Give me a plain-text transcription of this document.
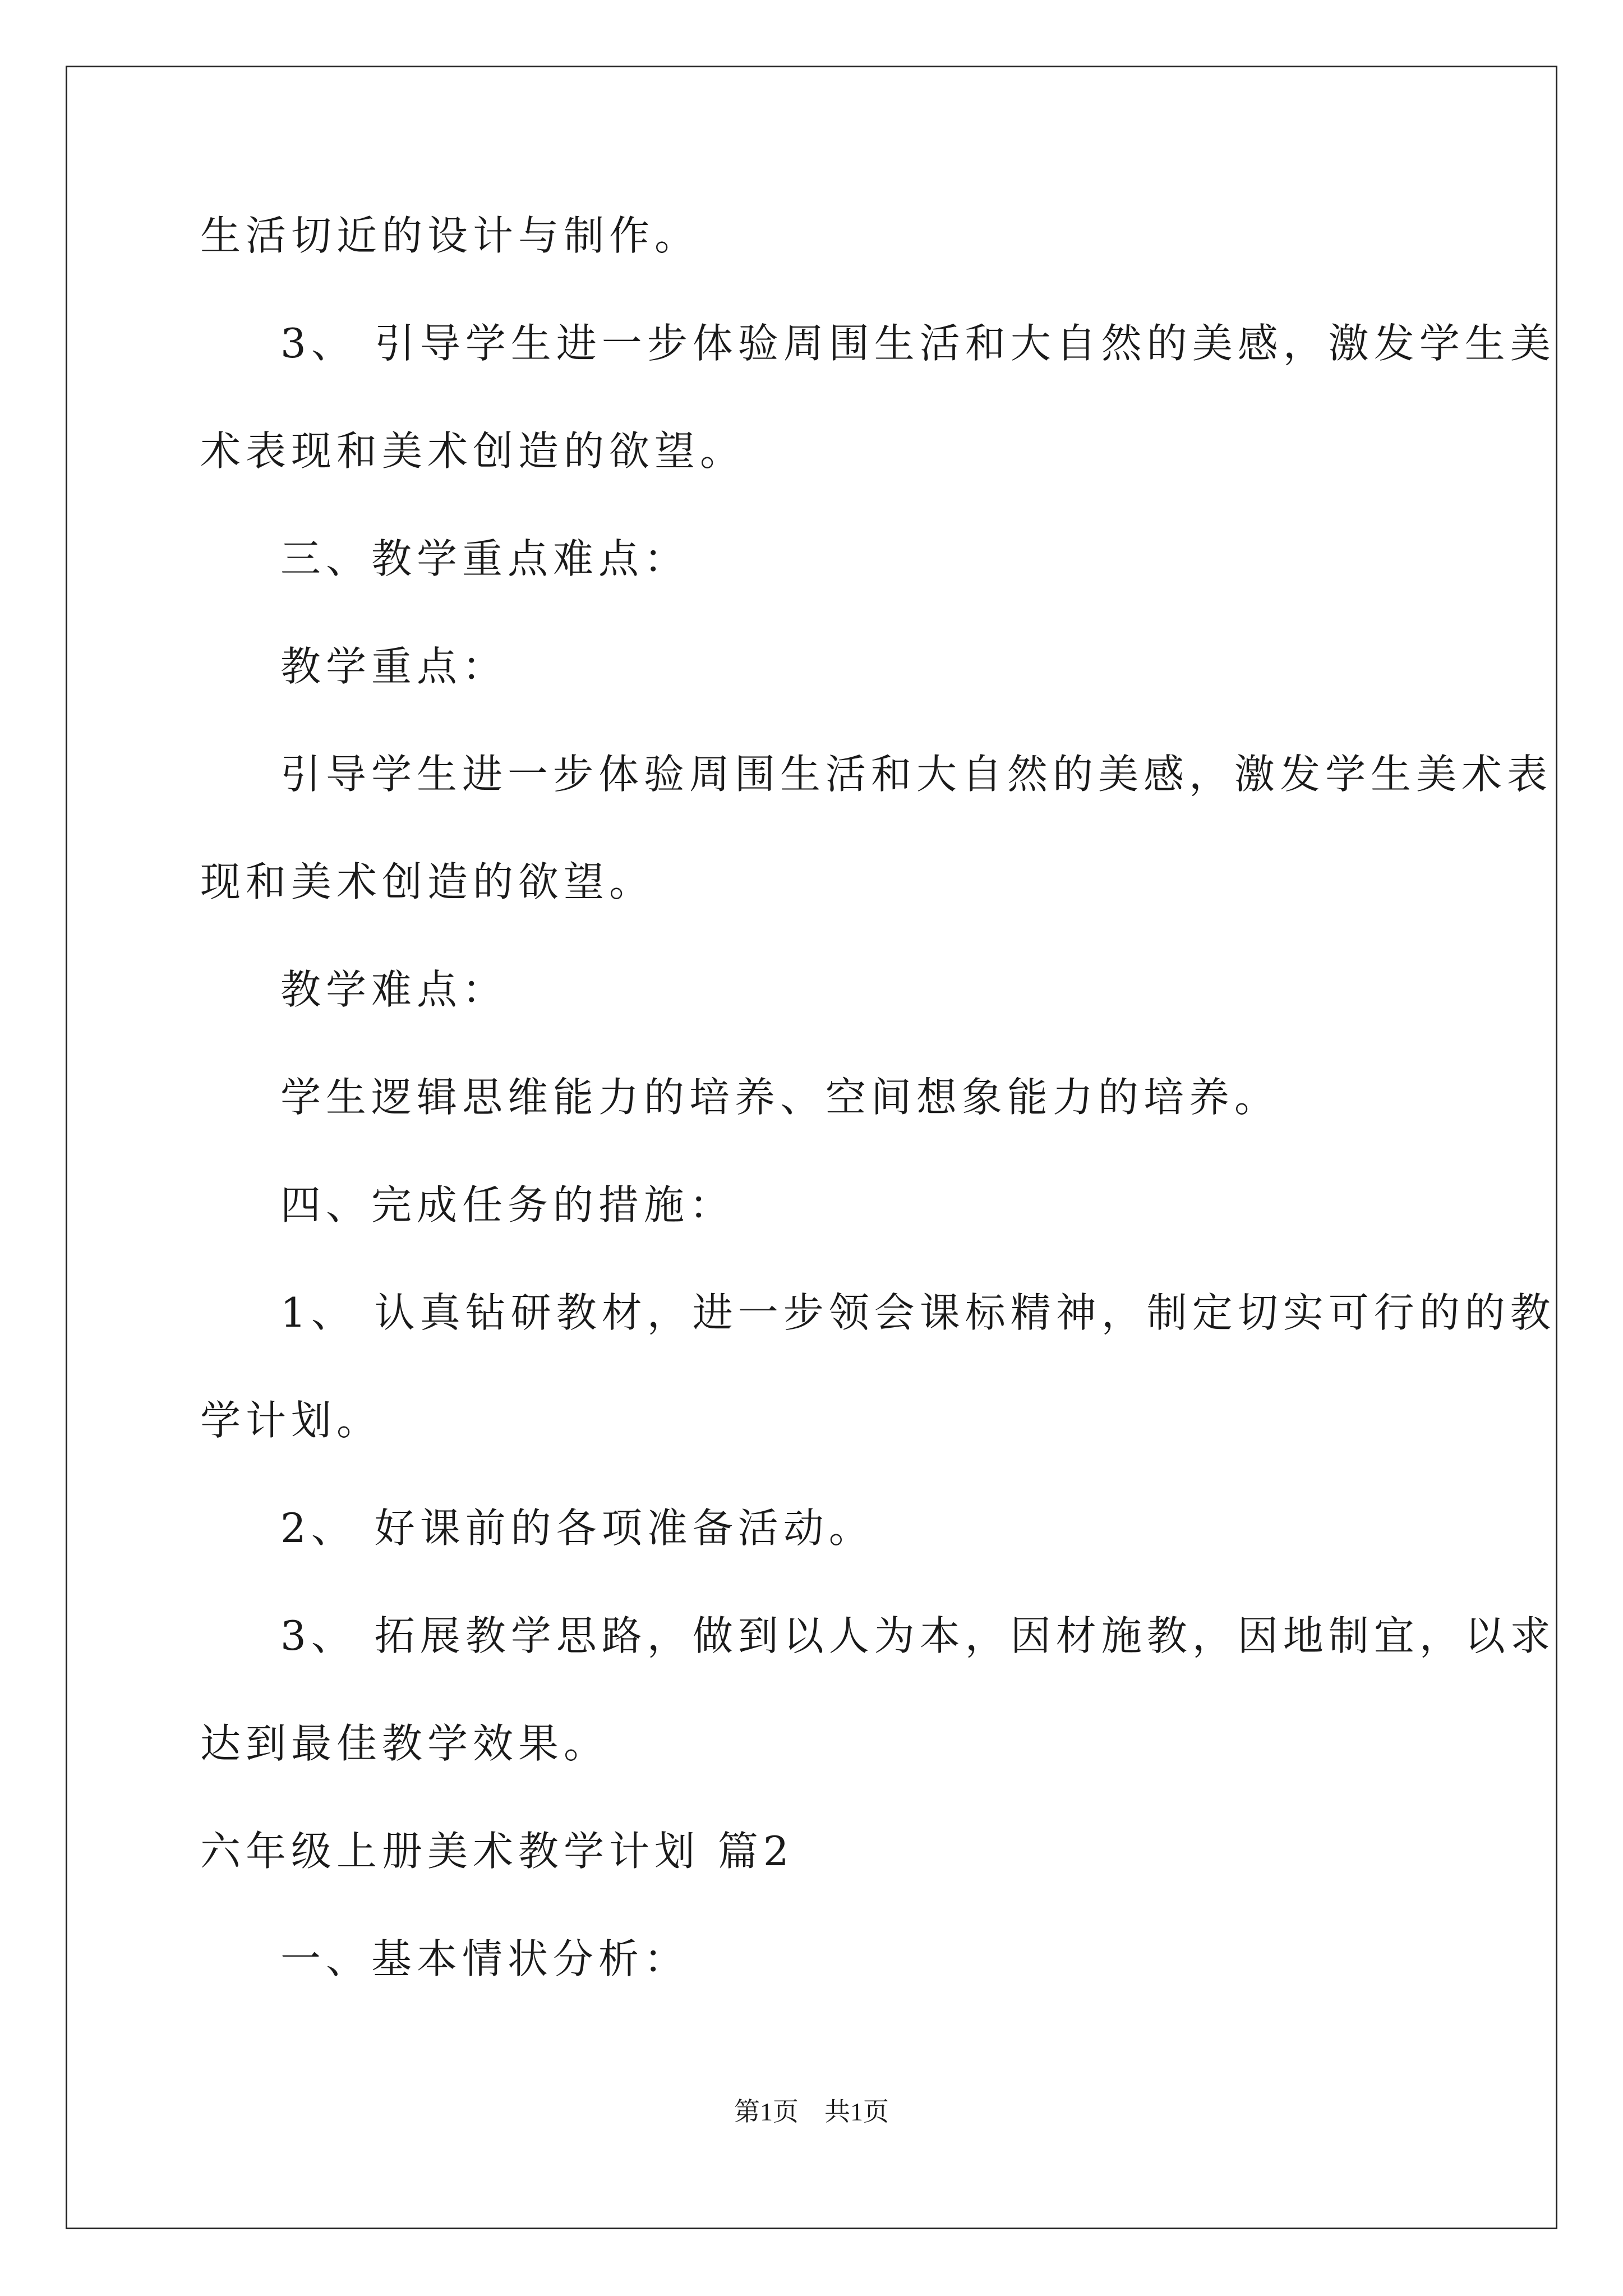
生活切近的设计与制作。
3、 引导学生进一步体验周围生活和大自然的美感，激发学生美
术表现和美术创造的欲望。
三、教学重点难点：
教学重点：
引导学生进一步体验周围生活和大自然的美感，激发学生美术表
现和美术创造的欲望。
教学难点：
学生逻辑思维能力的培养、空间想象能力的培养。
四、完成任务的措施：
1、 认真钻研教材，进一步领会课标精神，制定切实可行的的教
学计划。
2、 好课前的各项准备活动。
3、 拓展教学思路，做到以人为本，因材施教，因地制宜，以求
达到最佳教学效果。
六年级上册美术教学计划 篇2
一、基本情状分析：
第1页　共1页
